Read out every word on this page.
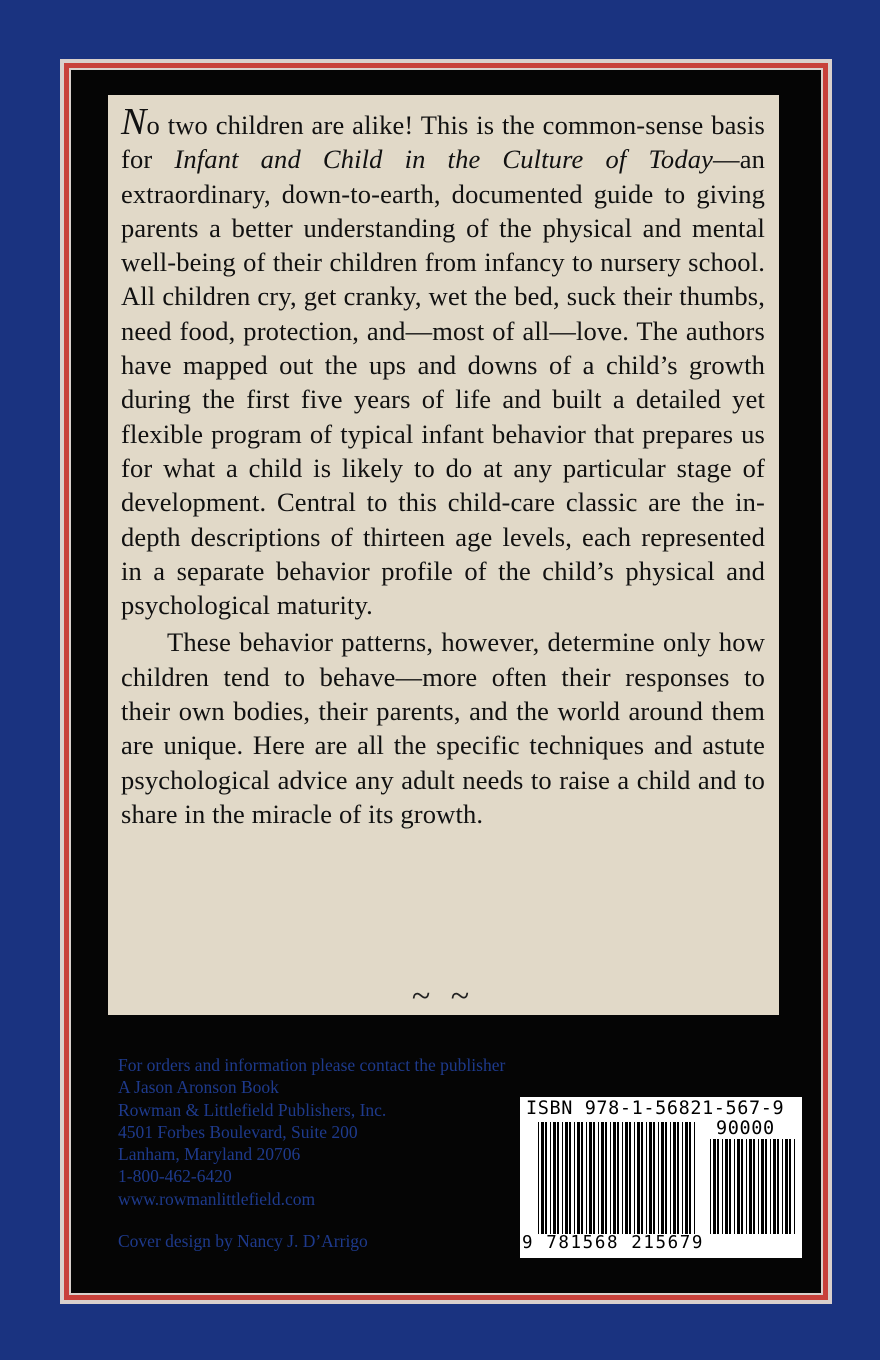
No two children are alike! This is the common-sense basis for Infant and Child in the Culture of Today—an extraordinary, down-to-earth, documented guide to giving parents a better understanding of the physical and mental well-being of their children from infancy to nursery school. All children cry, get cranky, wet the bed, suck their thumbs, need food, protection, and—most of all—love. The authors have mapped out the ups and downs of a child’s growth during the first five years of life and built a detailed yet flexible program of typical infant behavior that prepares us for what a child is likely to do at any particular stage of development. Central to this child-care classic are the in-depth descriptions of thirteen age levels, each represented in a separate behavior profile of the child’s physical and psychological maturity.

These behavior patterns, however, determine only how children tend to behave—more often their responses to their own bodies, their parents, and the world around them are unique. Here are all the specific techniques and astute psychological advice any adult needs to raise a child and to share in the miracle of its growth.

~ ~
For orders and information please contact the publisher
A Jason Aronson Book
Rowman & Littlefield Publishers, Inc.
4501 Forbes Boulevard, Suite 200
Lanham, Maryland 20706
1-800-462-6420
www.rowmanlittlefield.com
Cover design by Nancy J. D’Arrigo
ISBN 978-1-56821-567-9
90000
9 781568 215679
